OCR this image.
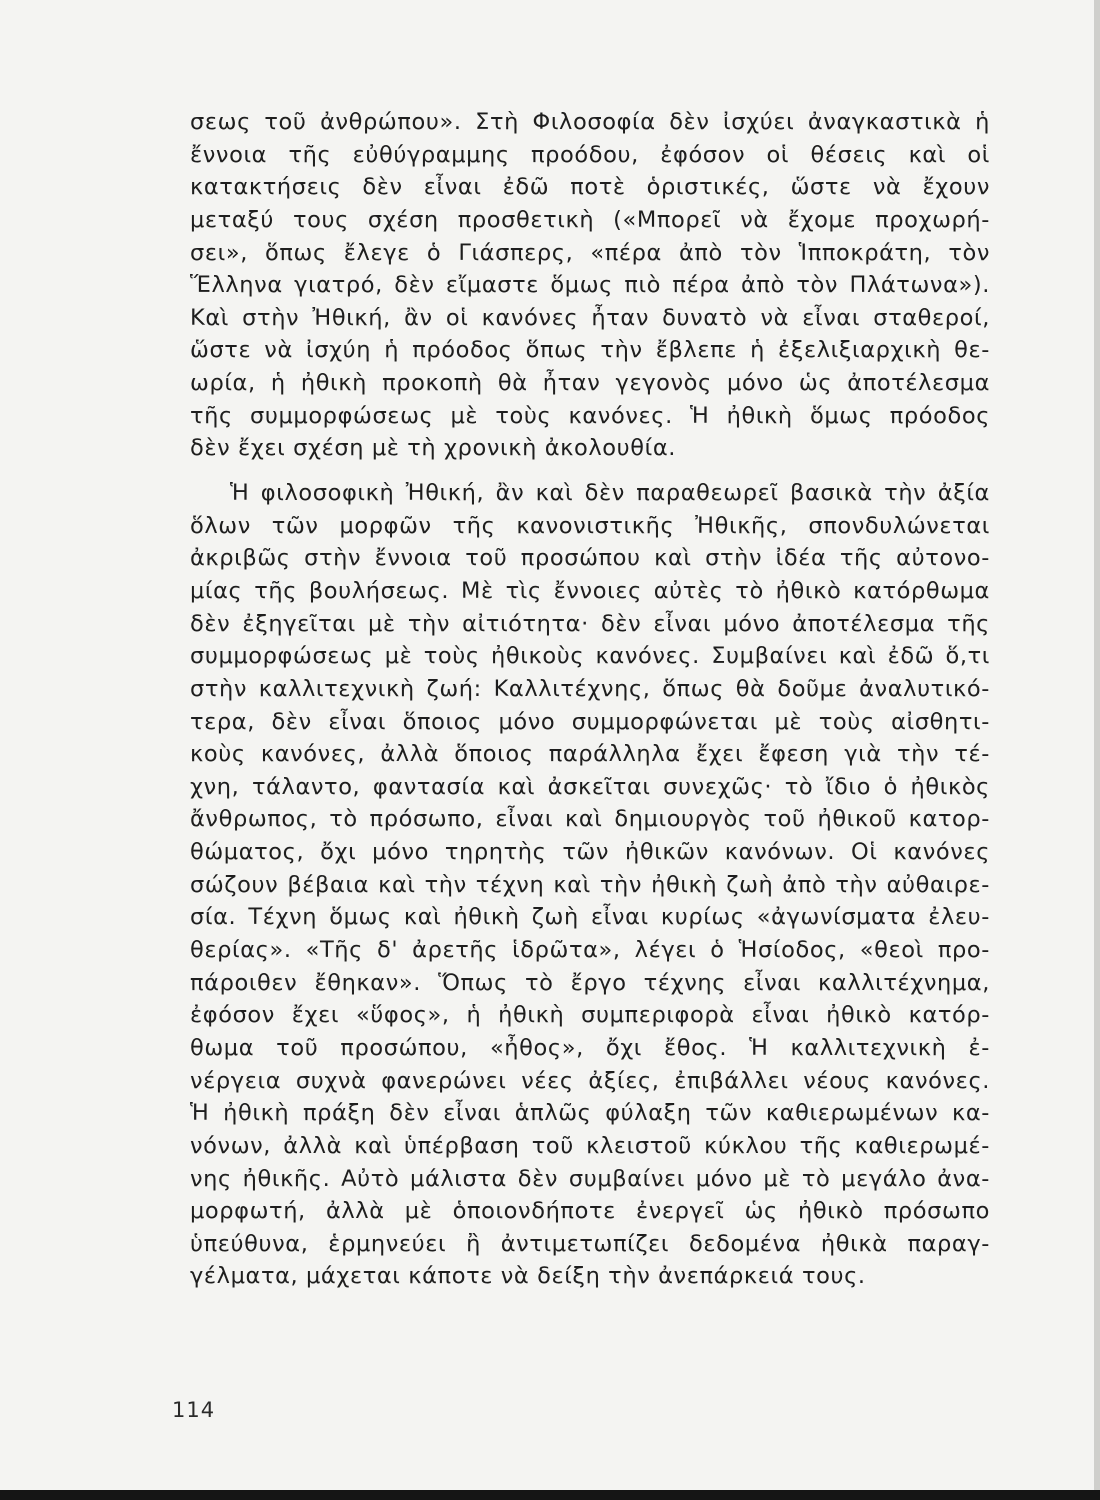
σεως τοῦ ἀνθρώπου». Στὴ Φιλοσοφία δὲν ἰσχύει ἀναγκαστικὰ ἡ
ἔννοια τῆς εὐθύγραμμης προόδου, ἐφόσον οἱ θέσεις καὶ οἱ
κατακτήσεις δὲν εἶναι ἐδῶ ποτὲ ὁριστικές, ὥστε νὰ ἔχουν
μεταξύ τους σχέση προσθετικὴ («Μπορεῖ νὰ ἔχομε προχωρή-
σει», ὅπως ἔλεγε ὁ Γιάσπερς, «πέρα ἀπὸ τὸν Ἱπποκράτη, τὸν
Ἕλληνα γιατρό, δὲν εἴμαστε ὅμως πιὸ πέρα ἀπὸ τὸν Πλάτωνα»).
Καὶ στὴν Ἠθική, ἂν οἱ κανόνες ἦταν δυνατὸ νὰ εἶναι σταθεροί,
ὥστε νὰ ἰσχύη ἡ πρόοδος ὅπως τὴν ἔβλεπε ἡ ἐξελιξιαρχικὴ θε-
ωρία, ἡ ἠθικὴ προκοπὴ θὰ ἦταν γεγονὸς μόνο ὡς ἀποτέλεσμα
τῆς συμμορφώσεως μὲ τοὺς κανόνες. Ἡ ἠθικὴ ὅμως πρόοδος
δὲν ἔχει σχέση μὲ τὴ χρονικὴ ἀκολουθία.
Ἡ φιλοσοφικὴ Ἠθική, ἂν καὶ δὲν παραθεωρεῖ βασικὰ τὴν ἀξία
ὅλων τῶν μορφῶν τῆς κανονιστικῆς Ἠθικῆς, σπονδυλώνεται
ἀκριβῶς στὴν ἔννοια τοῦ προσώπου καὶ στὴν ἰδέα τῆς αὐτονο-
μίας τῆς βουλήσεως. Μὲ τὶς ἔννοιες αὐτὲς τὸ ἠθικὸ κατόρθωμα
δὲν ἐξηγεῖται μὲ τὴν αἰτιότητα· δὲν εἶναι μόνο ἀποτέλεσμα τῆς
συμμορφώσεως μὲ τοὺς ἠθικοὺς κανόνες. Συμβαίνει καὶ ἐδῶ ὅ,τι
στὴν καλλιτεχνικὴ ζωή: Καλλιτέχνης, ὅπως θὰ δοῦμε ἀναλυτικό-
τερα, δὲν εἶναι ὅποιος μόνο συμμορφώνεται μὲ τοὺς αἰσθητι-
κοὺς κανόνες, ἀλλὰ ὅποιος παράλληλα ἔχει ἔφεση γιὰ τὴν τέ-
χνη, τάλαντο, φαντασία καὶ ἀσκεῖται συνεχῶς· τὸ ἴδιο ὁ ἠθικὸς
ἄνθρωπος, τὸ πρόσωπο, εἶναι καὶ δημιουργὸς τοῦ ἠθικοῦ κατορ-
θώματος, ὄχι μόνο τηρητὴς τῶν ἠθικῶν κανόνων. Οἱ κανόνες
σώζουν βέβαια καὶ τὴν τέχνη καὶ τὴν ἠθικὴ ζωὴ ἀπὸ τὴν αὐθαιρε-
σία. Τέχνη ὅμως καὶ ἠθικὴ ζωὴ εἶναι κυρίως «ἀγωνίσματα ἐλευ-
θερίας». «Τῆς δ' ἀρετῆς ἱδρῶτα», λέγει ὁ Ἡσίοδος, «θεοὶ προ-
πάροιθεν ἔθηκαν». Ὅπως τὸ ἔργο τέχνης εἶναι καλλιτέχνημα,
ἐφόσον ἔχει «ὕφος», ἡ ἠθικὴ συμπεριφορὰ εἶναι ἠθικὸ κατόρ-
θωμα τοῦ προσώπου, «ἦθος», ὄχι ἔθος. Ἡ καλλιτεχνικὴ ἐ-
νέργεια συχνὰ φανερώνει νέες ἀξίες, ἐπιβάλλει νέους κανόνες.
Ἡ ἠθικὴ πράξη δὲν εἶναι ἁπλῶς φύλαξη τῶν καθιερωμένων κα-
νόνων, ἀλλὰ καὶ ὑπέρβαση τοῦ κλειστοῦ κύκλου τῆς καθιερωμέ-
νης ἠθικῆς. Αὐτὸ μάλιστα δὲν συμβαίνει μόνο μὲ τὸ μεγάλο ἀνα-
μορφωτή, ἀλλὰ μὲ ὁποιονδήποτε ἐνεργεῖ ὡς ἠθικὸ πρόσωπο
ὑπεύθυνα, ἑρμηνεύει ἢ ἀντιμετωπίζει δεδομένα ἠθικὰ παραγ-
γέλματα, μάχεται κάποτε νὰ δείξη τὴν ἀνεπάρκειά τους.
114
